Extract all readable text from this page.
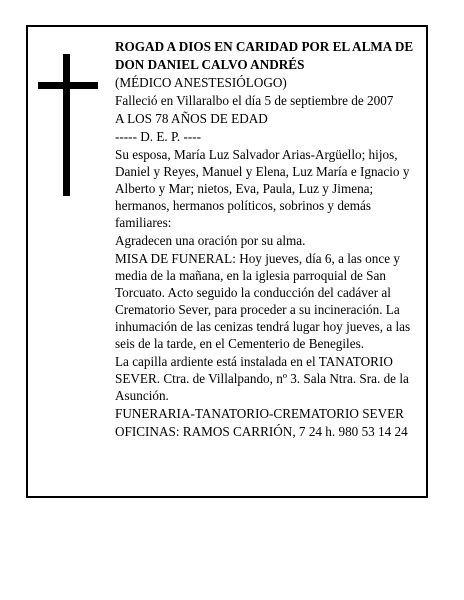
ROGAD A DIOS EN CARIDAD POR EL ALMA DE

DON DANIEL CALVO ANDRÉS

(MÉDICO ANESTESIÓLOGO)

Falleció en Villaralbo el día 5 de septiembre de 2007

A LOS 78 AÑOS DE EDAD

----- D. E. P. ----

Su esposa, María Luz Salvador Arias-Argüello; hijos, Daniel y Reyes, Manuel y Elena, Luz María e Ignacio y Alberto y Mar; nietos, Eva, Paula, Luz y Jimena; hermanos, hermanos políticos, sobrinos y demás familiares:

Agradecen una oración por su alma.

MISA DE FUNERAL: Hoy jueves, día 6, a las once y media de la mañana, en la iglesia parroquial de San Torcuato. Acto seguido la conducción del cadáver al Crematorio Sever, para proceder a su incineración. La inhumación de las cenizas tendrá lugar hoy jueves, a las seis de la tarde, en el Cementerio de Benegiles.

La capilla ardiente está instalada en el TANATORIO SEVER. Ctra. de Villalpando, nº 3. Sala Ntra. Sra. de la Asunción.

FUNERARIA-TANATORIO-CREMATORIO SEVER

OFICINAS: RAMOS CARRIÓN, 7 24 h. 980 53 14 24
